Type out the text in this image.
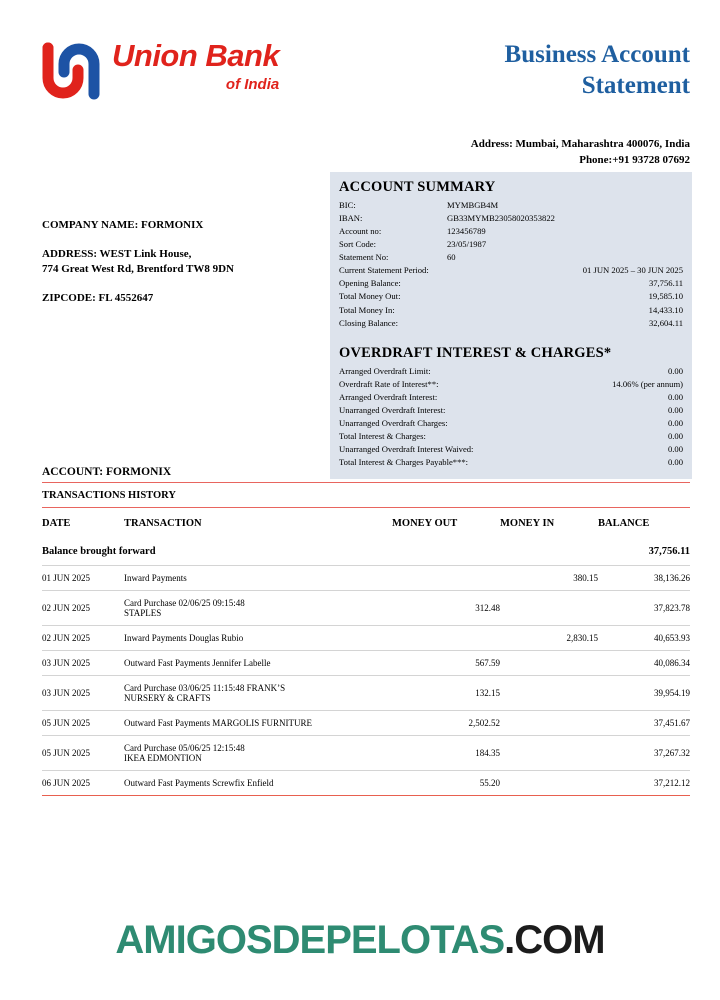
Union Bank
of India
Business Account
Statement
Address: Mumbai, Maharashtra 400076, India
Phone:+91 93728 07692
COMPANY NAME: FORMONIX
ADDRESS: WEST Link House,
774 Great West Rd, Brentford TW8 9DN
ZIPCODE: FL 4552647
ACCOUNT SUMMARY
BIC:	MYMBGB4M
IBAN:	GB33MYMB23058020353822
Account no:	123456789
Sort Code:	23/05/1987
Statement No:	60
Current Statement Period:	01 JUN 2025 – 30 JUN 2025
Opening Balance:	37,756.11
Total Money Out:	19,585.10
Total Money In:	14,433.10
Closing Balance:	32,604.11
OVERDRAFT INTEREST & CHARGES*
Arranged Overdraft Limit:	0.00
Overdraft Rate of Interest**:	14.06% (per annum)
Arranged Overdraft Interest:	0.00
Unarranged Overdraft Interest:	0.00
Unarranged Overdraft Charges:	0.00
Total Interest & Charges:	0.00
Unarranged Overdraft Interest Waived:	0.00
Total Interest & Charges Payable***:	0.00
ACCOUNT: FORMONIX
TRANSACTIONS HISTORY
DATE	TRANSACTION	MONEY OUT	MONEY IN	BALANCE
Balance brought forward				37,756.11
01 JUN 2025	Inward Payments		380.15	38,136.26
02 JUN 2025	Card Purchase 02/06/25 09:15:48
STAPLES	312.48		37,823.78
02 JUN 2025	Inward Payments Douglas Rubio		2,830.15	40,653.93
03 JUN 2025	Outward Fast Payments Jennifer Labelle	567.59		40,086.34
03 JUN 2025	Card Purchase 03/06/25 11:15:48 FRANK’S
NURSERY & CRAFTS	132.15		39,954.19
05 JUN 2025	Outward Fast Payments MARGOLIS FURNITURE	2,502.52		37,451.67
05 JUN 2025	Card Purchase 05/06/25 12:15:48
IKEA EDMONTION	184.35		37,267.32
06 JUN 2025	Outward Fast Payments Screwfix Enfield	55.20		37,212.12
AMIGOSDEPELOTAS.COM
